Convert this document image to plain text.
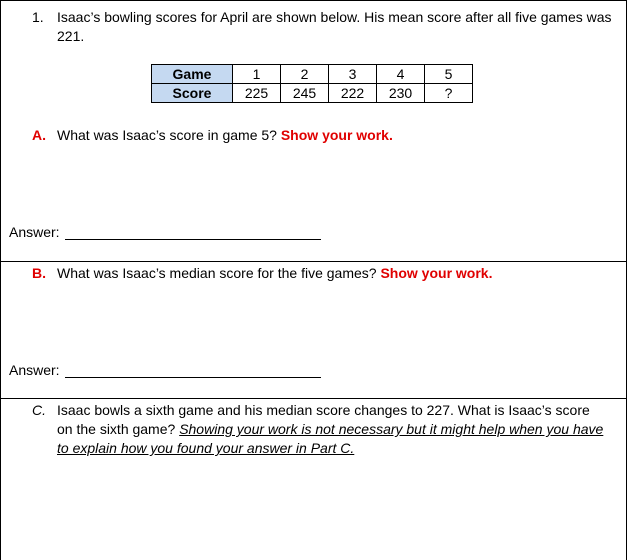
1. Isaac’s bowling scores for April are shown below. His mean score after all five games was 221.
Game	1	2	3	4	5
Score	225	245	222	230	?
A. What was Isaac’s score in game 5? Show your work.
Answer:
B. What was Isaac’s median score for the five games? Show your work.
Answer:
C. Isaac bowls a sixth game and his median score changes to 227. What is Isaac’s score on the sixth game? Showing your work is not necessary but it might help when you have to explain how you found your answer in Part C.
